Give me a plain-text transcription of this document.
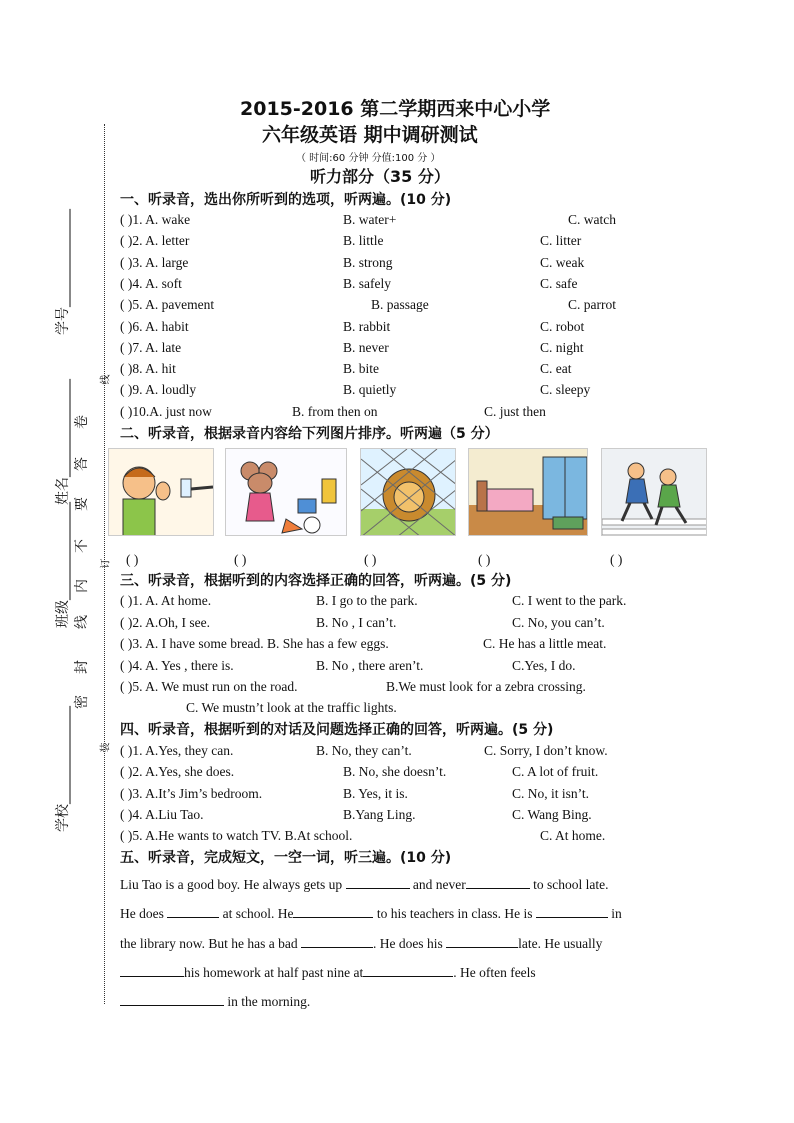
学校______________
班级______________
姓名______________
学号______________
密
封
线
内
不
要
答
卷
线
订
装
2015-2016 第二学期西来中心小学
六年级英语 期中调研测试
（ 时间:60 分钟 分值:100 分 ）
听力部分（35 分）
一、听录音，选出你所听到的选项，听两遍。(10 分)
( )1. A. wake	B. water+	C. watch
( )2. A. letter	B. little	C. litter
( )3. A. large	B. strong	C. weak
( )4. A. soft	B. safely	C. safe
( )5. A. pavement	B. passage	C. parrot
( )6. A. habit	B. rabbit	C. robot
( )7. A. late	B. never	C. night
( )8. A. hit	B. bite	C. eat
( )9. A. loudly	B. quietly	C. sleepy
( )10.A. just now	B. from then on	C. just then
二、听录音，根据录音内容给下列图片排序。听两遍（5 分）
( )	( )	( )	( )	( )
三、听录音，根据听到的内容选择正确的回答，听两遍。(5 分)
( )1. A. At home.	B. I go to the park.	C. I went to the park.
( )2. A.Oh, I see.	B. No , I can’t.	C. No, you can’t.
( )3. A. I have some bread. B. She has a few eggs.	C. He has a little meat.
( )4. A. Yes , there is.	B. No , there aren’t.	C.Yes, I do.
( )5. A. We must run on the road.	B.We must look for a zebra crossing.
C. We mustn’t look at the traffic lights.
四、听录音，根据听到的对话及问题选择正确的回答，听两遍。(5 分)
( )1. A.Yes, they can.	B. No, they can’t.	C. Sorry, I don’t know.
( )2. A.Yes, she does.	B. No, she doesn’t.	C. A lot of fruit.
( )3. A.It’s Jim’s bedroom.	B. Yes, it is.	C. No, it isn’t.
( )4. A.Liu Tao.	B.Yang Ling.	C. Wang Bing.
( )5. A.He wants to watch TV. B.At school.	C. At home.
五、听录音，完成短文，一空一词，听三遍。(10 分)
Liu Tao is a good boy. He always gets up	and never	to school late.
He does	at school. He	to his teachers in class. He is	in
the library now. But he has a bad	. He does his	late. He usually
his homework at half past nine at	. He often feels
in the morning.
